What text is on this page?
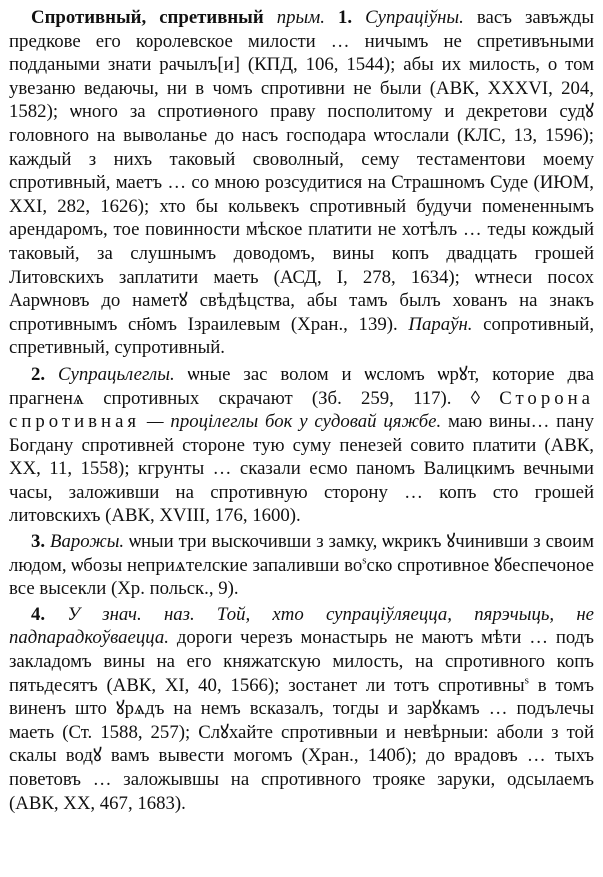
Спротивный, спретивный прым. 1. Супраціўны. васъ завъжды предкове его королевское милости … ничымъ не спретивъными поддаными знати рачылъ[и] (КПД, 106, 1544); абы их милость, о том увезаню ведаючы, ни в чомъ спротивни не были (АВК, XXXVI, 204, 1582); ѡного за спротиѳного праву посполитому и декретови судꙋ головного на выволанье до насъ господара ѡтослали (КЛС, 13, 1596); каждый з нихъ таковый своволный, сему тестаментови моему спротивный, маетъ … со мною розсудитися на Страшномъ Суде (ИЮМ, XXI, 282, 1626); хто бы кольвекъ спротивный будучи помененнымъ арендаромъ, тое повинности мѣское платити не хотѣлъ … теды кождый таковый, за слушнымъ доводомъ, вины копъ двадцать грошей Литовскихъ заплатити маеть (АСД, I, 278, 1634); ѡтнеси посох Аарѡновъ до наметꙋ свѣдѣцства, абы тамъ былъ хованъ на знакъ спротивнымъ сн҃омъ Ізраилевым (Хран., 139). Параўн. сопротивный, спретивный, супротивный.

2. Супрацьлеглы. ѡные зас волом и ѡсломъ ѡрꙋт, которие два прагненѧ спротивных скрачают (Зб. 259, 117). ◊ Сторона спротивная — процілеглы бок у судовай цяжбе. маю вины… пану Богдану спротивней стороне тую суму пенезей совито платити (АВК, XX, 11, 1558); кгрунты … сказали есмо паномъ Валицкимъ вечными часы, заложивши на спротивную сторону … копъ сто грошей литовскихъ (АВК, XVIII, 176, 1600).

3. Варожы. ѡныи три выскочивши з замку, ѡкрикъ ꙋчинивши з своим людом, ѡбозы неприѧтелские запаливши $во^sско$ спротивное ꙋбеспечоное все высекли (Хр. польск., 9).

4. У знач. наз. Той, хто супраціўляецца, пярэчыць, не падпарадкоўваецца. дороги черезъ монастырь не маютъ мѣти … подъ закладомъ вины на его княжатскую милость, на спротивного копъ пятьдесятъ (АВК, XI, 40, 1566); зостанет ли тотъ спротивны$^s$ в томъ виненъ што ꙋрѧдъ на немъ всказалъ, тогды и зарꙋкамъ … подълечы маеть (Ст. 1588, 257); Слꙋхайте спротивныи и невѣрныи: аболи з той скалы водꙋ вамъ вывести могомъ (Хран., 140б); до врадовъ … тыхъ поветовъ … заложывшы на спротивного трояке заруки, одсылаемъ (АВК, XX, 467, 1683).
